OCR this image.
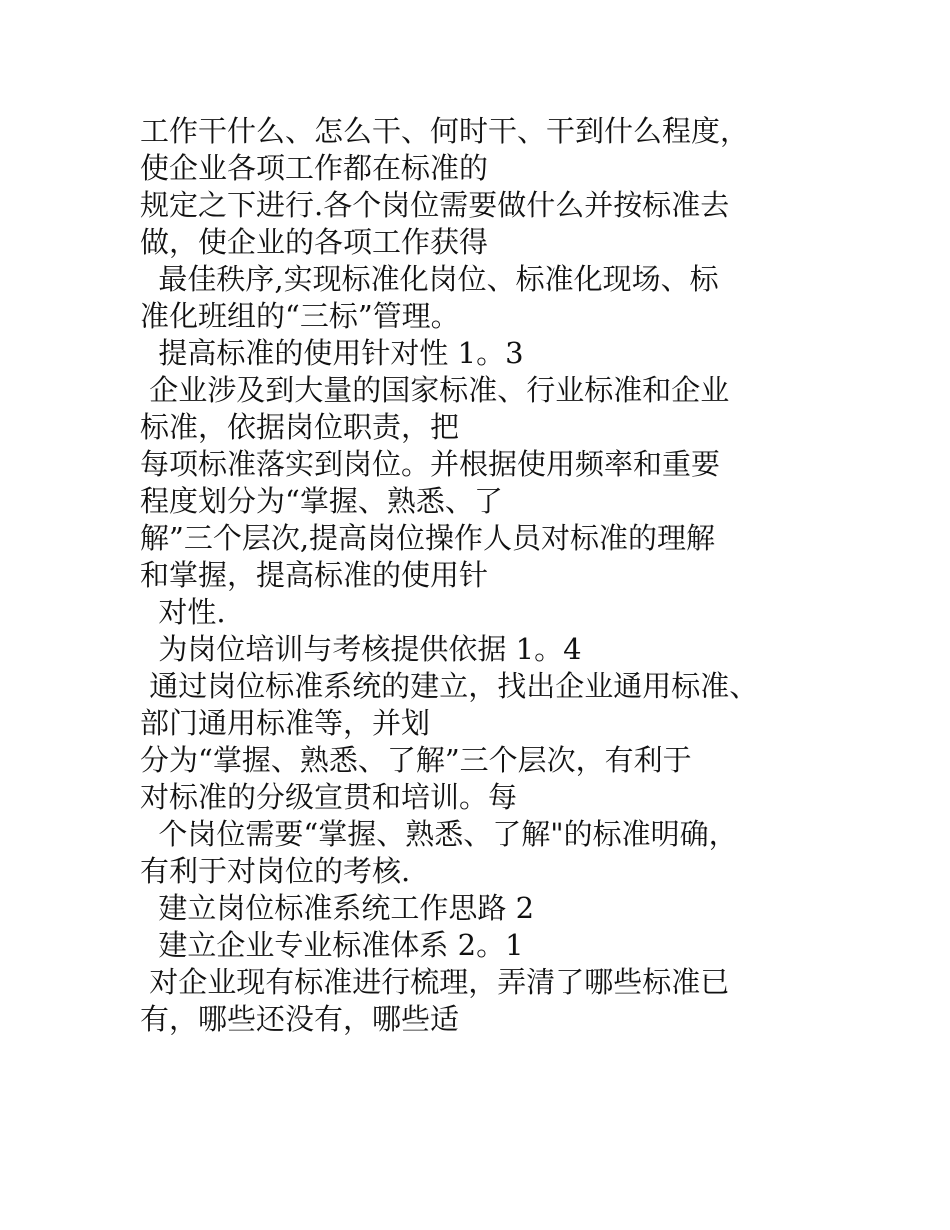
工作干什么、怎么干、何时干、干到什么程度，
使企业各项工作都在标准的
规定之下进行.各个岗位需要做什么并按标准去
做，使企业的各项工作获得
最佳秩序,实现标准化岗位、标准化现场、标
准化班组的“三标”管理。
提高标准的使用针对性 1。3
企业涉及到大量的国家标准、行业标准和企业
标准，依据岗位职责，把
每项标准落实到岗位。并根据使用频率和重要
程度划分为“掌握、熟悉、了
解”三个层次,提高岗位操作人员对标准的理解
和掌握，提高标准的使用针
对性.
为岗位培训与考核提供依据 1。4
通过岗位标准系统的建立，找出企业通用标准、
部门通用标准等，并划
分为“掌握、熟悉、了解”三个层次，有利于
对标准的分级宣贯和培训。每
个岗位需要“掌握、熟悉、了解"的标准明确，
有利于对岗位的考核.
建立岗位标准系统工作思路 2
建立企业专业标准体系 2。1
对企业现有标准进行梳理，弄清了哪些标准已
有，哪些还没有，哪些适
